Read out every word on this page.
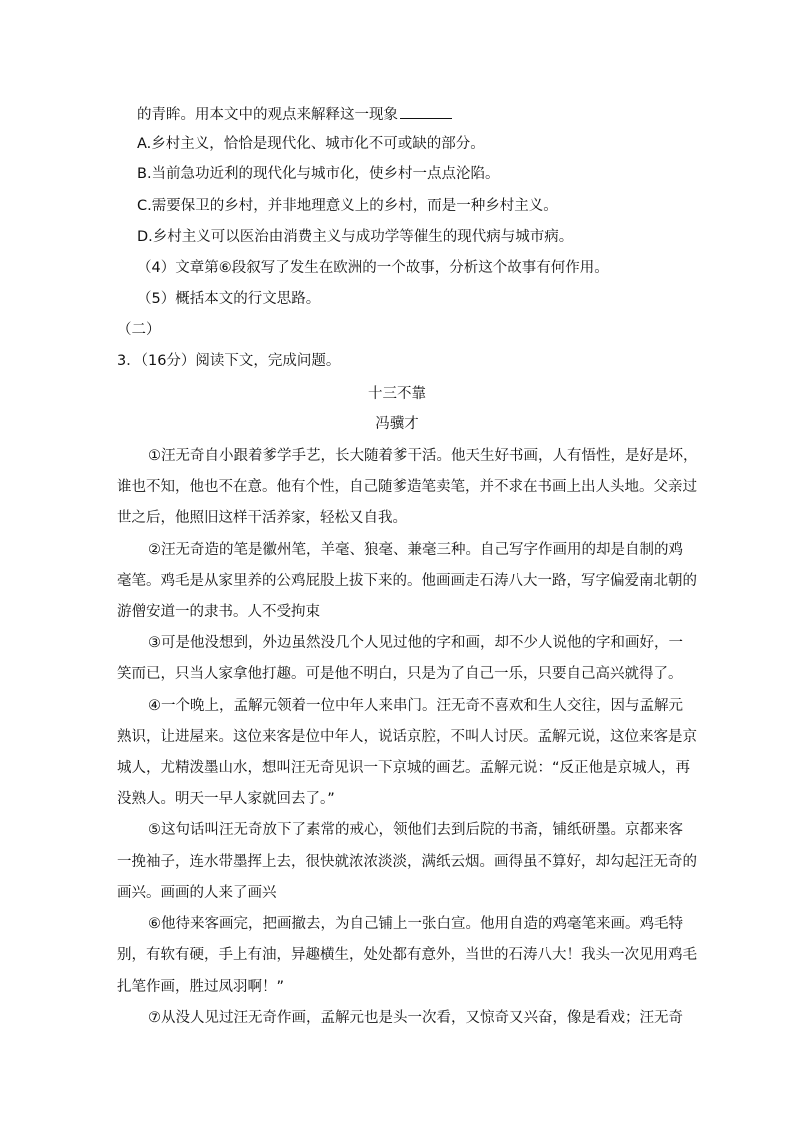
的青眸。用本文中的观点来解释这一现象
A.乡村主义，恰恰是现代化、城市化不可或缺的部分。
B.当前急功近利的现代化与城市化，使乡村一点点沦陷。
C.需要保卫的乡村，并非地理意义上的乡村，而是一种乡村主义。
D.乡村主义可以医治由消费主义与成功学等催生的现代病与城市病。
（4）文章第⑥段叙写了发生在欧洲的一个故事，分析这个故事有何作用。
（5）概括本文的行文思路。
（二）
3．（16分）阅读下文，完成问题。
十三不靠
冯骥才
①汪无奇自小跟着爹学手艺，长大随着爹干活。他天生好书画，人有悟性，是好是坏，
谁也不知，他也不在意。他有个性，自己随爹造笔卖笔，并不求在书画上出人头地。父亲过
世之后，他照旧这样干活养家，轻松又自我。
②汪无奇造的笔是徽州笔，羊毫、狼毫、兼毫三种。自己写字作画用的却是自制的鸡
毫笔。鸡毛是从家里养的公鸡屁股上拔下来的。他画画走石涛八大一路，写字偏爱南北朝的
游僧安道一的隶书。人不受拘束
③可是他没想到，外边虽然没几个人见过他的字和画，却不少人说他的字和画好，一
笑而已，只当人家拿他打趣。可是他不明白，只是为了自己一乐，只要自己高兴就得了。
④一个晚上，孟解元领着一位中年人来串门。汪无奇不喜欢和生人交往，因与孟解元
熟识，让进屋来。这位来客是位中年人，说话京腔，不叫人讨厌。孟解元说，这位来客是京
城人，尤精泼墨山水，想叫汪无奇见识一下京城的画艺。孟解元说：“反正他是京城人，再
没熟人。明天一早人家就回去了。”
⑤这句话叫汪无奇放下了素常的戒心，领他们去到后院的书斋，铺纸研墨。京都来客
一挽袖子，连水带墨挥上去，很快就浓浓淡淡，满纸云烟。画得虽不算好，却勾起汪无奇的
画兴。画画的人来了画兴
⑥他待来客画完，把画撤去，为自己铺上一张白宣。他用自造的鸡毫笔来画。鸡毛特
别，有软有硬，手上有油，异趣横生，处处都有意外，当世的石涛八大！我头一次见用鸡毛
扎笔作画，胜过凤羽啊！”
⑦从没人见过汪无奇作画，孟解元也是头一次看，又惊奇又兴奋，像是看戏；汪无奇
